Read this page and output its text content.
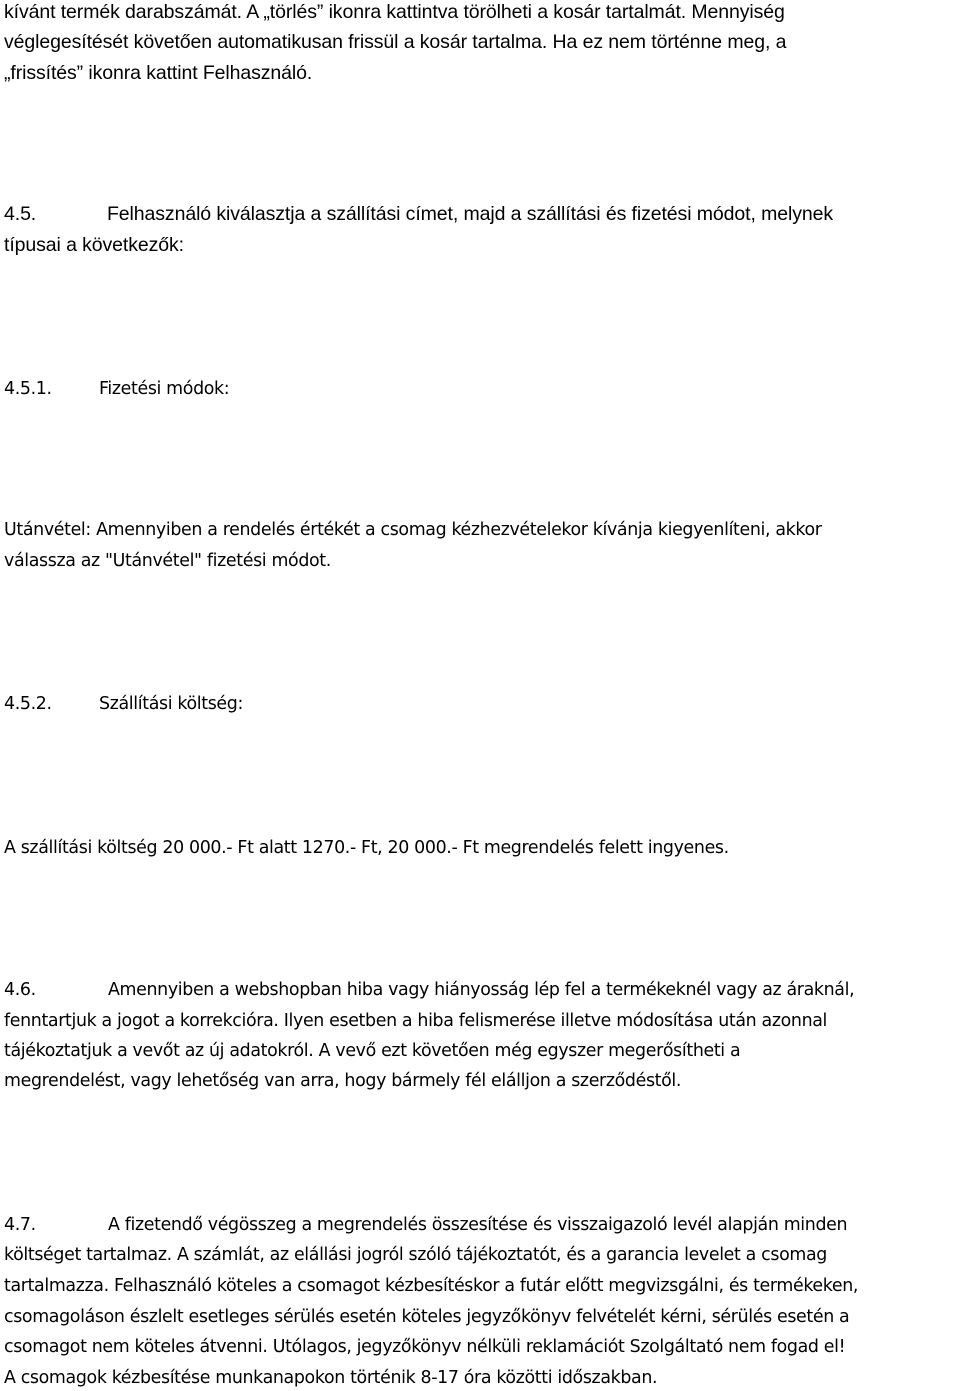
kívánt termék darabszámát. A „törlés” ikonra kattintva törölheti a kosár tartalmát. Mennyiség
véglegesítését követően automatikusan frissül a kosár tartalma. Ha ez nem történne meg, a
„frissítés” ikonra kattint Felhasználó.
4.5.	Felhasználó kiválasztja a szállítási címet, majd a szállítási és fizetési módot, melynek
típusai a következők:
4.5.1.	Fizetési módok:
Utánvétel: Amennyiben a rendelés értékét a csomag kézhezvételekor kívánja kiegyenlíteni, akkor
válassza az "Utánvétel" fizetési módot.
4.5.2.	Szállítási költség:
A szállítási költség 20 000.- Ft alatt 1270.- Ft, 20 000.- Ft megrendelés felett ingyenes.
4.6.	Amennyiben a webshopban hiba vagy hiányosság lép fel a termékeknél vagy az áraknál,
fenntartjuk a jogot a korrekcióra. Ilyen esetben a hiba felismerése illetve módosítása után azonnal
tájékoztatjuk a vevőt az új adatokról. A vevő ezt követően még egyszer megerősítheti a
megrendelést, vagy lehetőség van arra, hogy bármely fél elálljon a szerződéstől.
4.7.	A fizetendő végösszeg a megrendelés összesítése és visszaigazoló levél alapján minden
költséget tartalmaz. A számlát, az elállási jogról szóló tájékoztatót, és a garancia levelet a csomag
tartalmazza. Felhasználó köteles a csomagot kézbesítéskor a futár előtt megvizsgálni, és termékeken,
csomagoláson észlelt esetleges sérülés esetén köteles jegyzőkönyv felvételét kérni, sérülés esetén a
csomagot nem köteles átvenni. Utólagos, jegyzőkönyv nélküli reklamációt Szolgáltató nem fogad el!
A csomagok kézbesítése munkanapokon történik 8-17 óra közötti időszakban.
